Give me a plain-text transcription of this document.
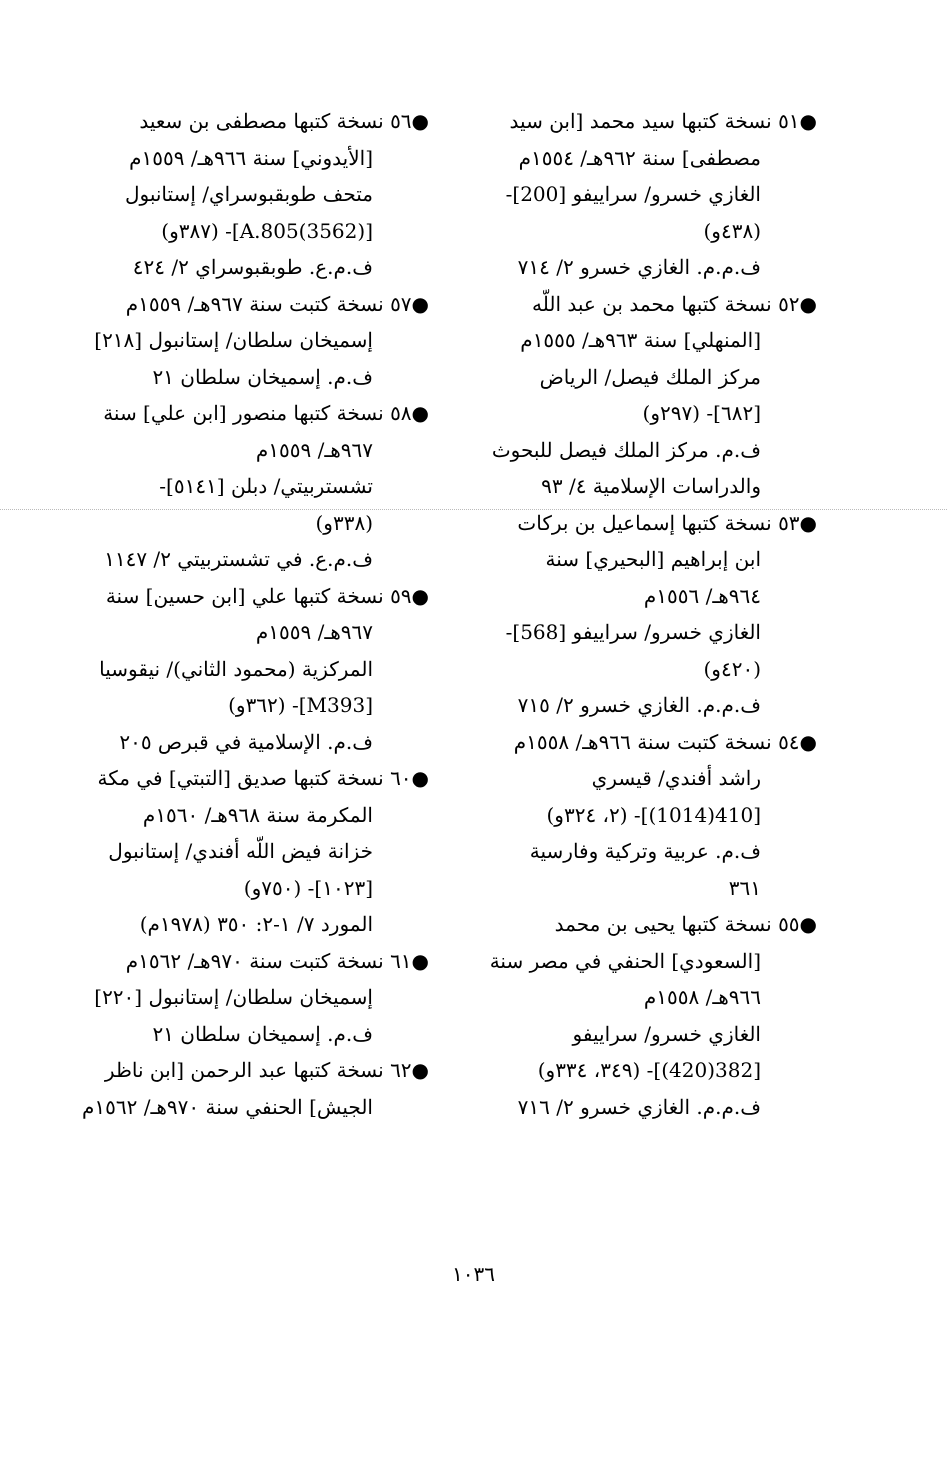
●٥١ نسخة كتبها سيد محمد [ابن سيد
مصطفى] سنة ٩٦٢هـ/ ١٥٥٤م
الغازي خسرو/ سراييفو [200]-
(٤٣٨و)
ف.م.م. الغازي خسرو ٢/ ٧١٤
●٥٢ نسخة كتبها محمد بن عبد اللّه
[المنهلي] سنة ٩٦٣هـ/ ١٥٥٥م
مركز الملك فيصل/ الرياض
[٦٨٢]- (٢٩٧و)
ف.م. مركز الملك فيصل للبحوث
والدراسات الإسلامية ٤/ ٩٣
●٥٣ نسخة كتبها إسماعيل بن بركات
ابن إبراهيم [البحيري] سنة
٩٦٤هـ/ ١٥٥٦م
الغازي خسرو/ سراييفو [568]-
(٤٢٠و)
ف.م.م. الغازي خسرو ٢/ ٧١٥
●٥٤ نسخة كتبت سنة ٩٦٦هـ/ ١٥٥٨م
راشد أفندي/ قيسري
[410(1014)]- (٢، ٣٢٤و)
ف.م. عربية وتركية وفارسية
٣٦١
●٥٥ نسخة كتبها يحيى بن محمد
[السعودي] الحنفي في مصر سنة
٩٦٦هـ/ ١٥٥٨م
الغازي خسرو/ سراييفو
[382(420)]- (٣٤٩، ٣٣٤و)
ف.م.م. الغازي خسرو ٢/ ٧١٦
●٥٦ نسخة كتبها مصطفى بن سعيد
[الأيدوني] سنة ٩٦٦هـ/ ١٥٥٩م
متحف طوبقبوسراي/ إستانبول
[A.805(3562)]- (٣٨٧و)
ف.م.ع. طوبقبوسراي ٢/ ٤٢٤
●٥٧ نسخة كتبت سنة ٩٦٧هـ/ ١٥٥٩م
إسميخان سلطان/ إستانبول [٢١٨]
ف.م. إسميخان سلطان ٢١
●٥٨ نسخة كتبها منصور [ابن علي] سنة
٩٦٧هـ/ ١٥٥٩م
تشستربيتي/ دبلن [٥١٤١]-
(٣٣٨و)
ف.م.ع. في تشستربيتي ٢/ ١١٤٧
●٥٩ نسخة كتبها علي [ابن حسين] سنة
٩٦٧هـ/ ١٥٥٩م
المركزية (محمود الثاني)/ نيقوسيا
[M393]- (٣٦٢و)
ف.م. الإسلامية في قبرص ٢٠٥
●٦٠ نسخة كتبها صديق [التبتي] في مكة
المكرمة سنة ٩٦٨هـ/ ١٥٦٠م
خزانة فيض اللّه أفندي/ إستانبول
[١٠٢٣]- (٧٥٠و)
المورد ٧/ ١-٢: ٣٥٠ (١٩٧٨م)
●٦١ نسخة كتبت سنة ٩٧٠هـ/ ١٥٦٢م
إسميخان سلطان/ إستانبول [٢٢٠]
ف.م. إسميخان سلطان ٢١
●٦٢ نسخة كتبها عبد الرحمن [ابن ناظر
الجيش] الحنفي سنة ٩٧٠هـ/ ١٥٦٢م
١٠٣٦
